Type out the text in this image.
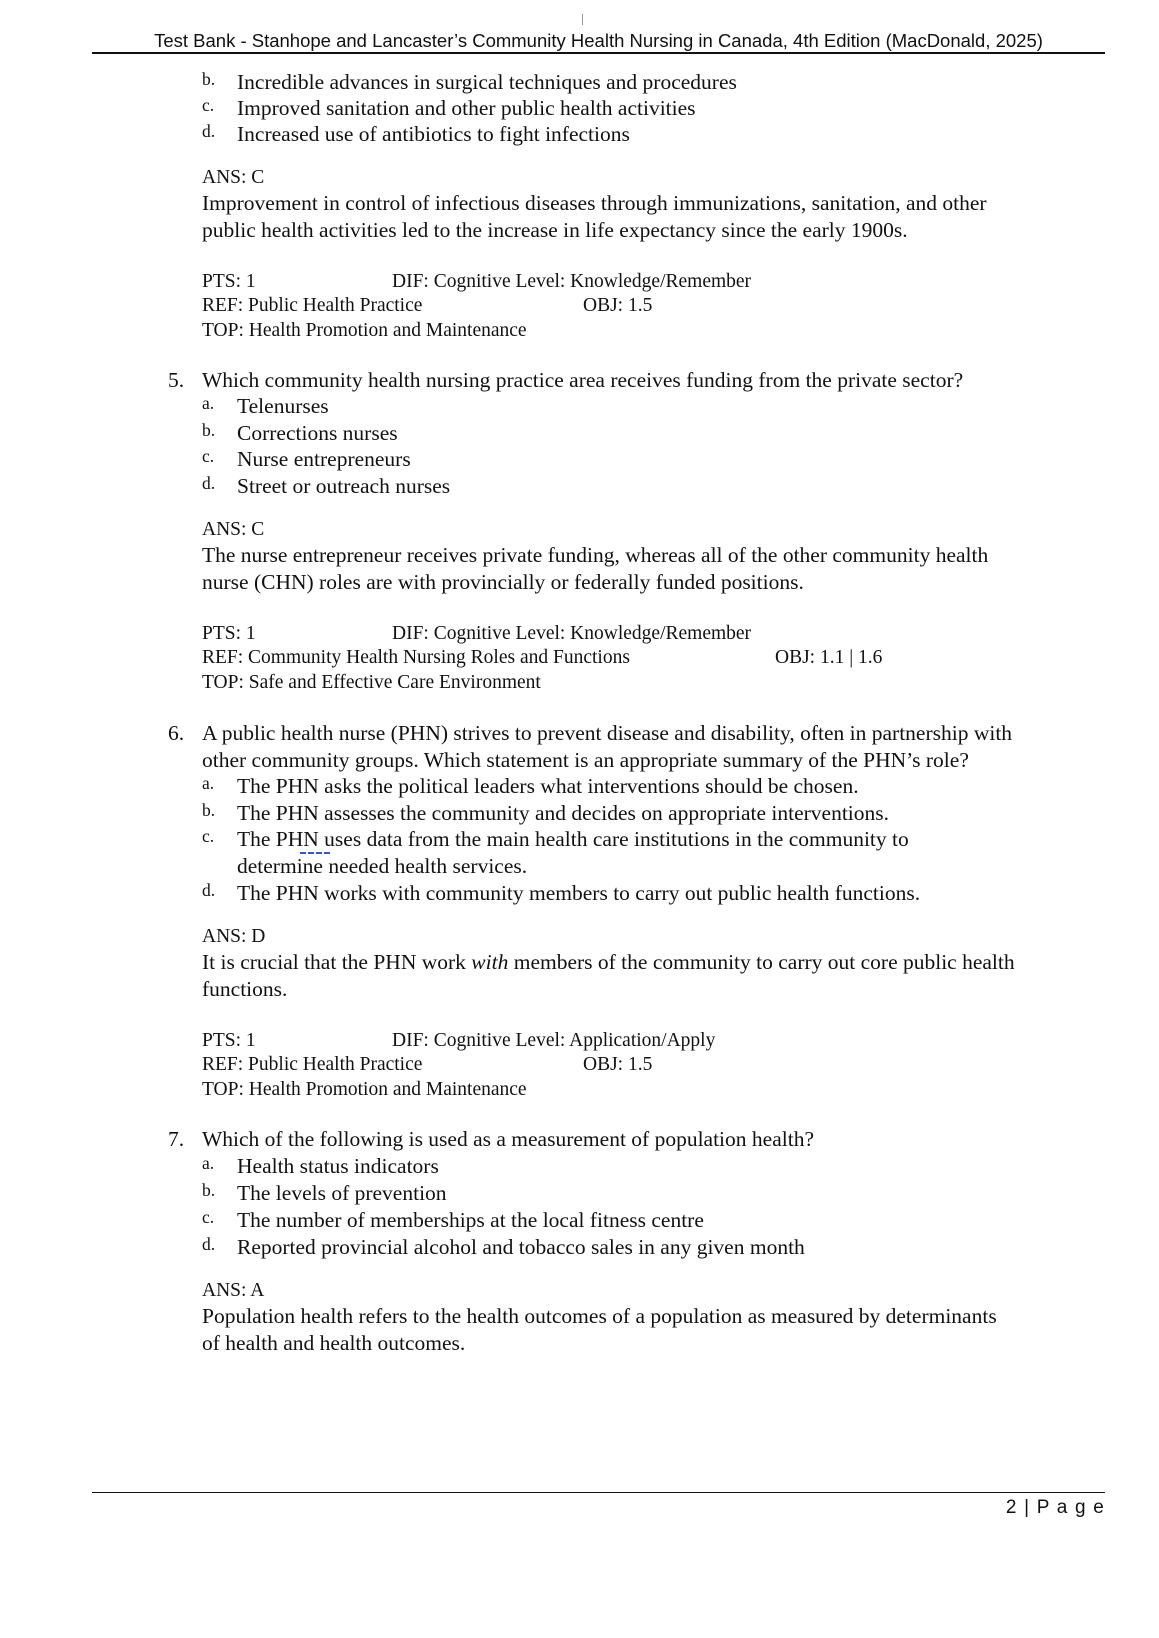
Test Bank - Stanhope and Lancaster’s Community Health Nursing in Canada, 4th Edition (MacDonald, 2025)
b. Incredible advances in surgical techniques and procedures
c. Improved sanitation and other public health activities
d. Increased use of antibiotics to fight infections
ANS: C
Improvement in control of infectious diseases through immunizations, sanitation, and other
public health activities led to the increase in life expectancy since the early 1900s.
PTS: 1	DIF: Cognitive Level: Knowledge/Remember
REF: Public Health Practice	OBJ: 1.5
TOP: Health Promotion and Maintenance
5. Which community health nursing practice area receives funding from the private sector?
a. Telenurses
b. Corrections nurses
c. Nurse entrepreneurs
d. Street or outreach nurses
ANS: C
The nurse entrepreneur receives private funding, whereas all of the other community health
nurse (CHN) roles are with provincially or federally funded positions.
PTS: 1	DIF: Cognitive Level: Knowledge/Remember
REF: Community Health Nursing Roles and Functions	OBJ: 1.1 | 1.6
TOP: Safe and Effective Care Environment
6. A public health nurse (PHN) strives to prevent disease and disability, often in partnership with
other community groups. Which statement is an appropriate summary of the PHN’s role?
a. The PHN asks the political leaders what interventions should be chosen.
b. The PHN assesses the community and decides on appropriate interventions.
c. The PHN uses data from the main health care institutions in the community to
determine needed health services.
d. The PHN works with community members to carry out public health functions.
ANS: D
It is crucial that the PHN work with members of the community to carry out core public health
functions.
PTS: 1	DIF: Cognitive Level: Application/Apply
REF: Public Health Practice	OBJ: 1.5
TOP: Health Promotion and Maintenance
7. Which of the following is used as a measurement of population health?
a. Health status indicators
b. The levels of prevention
c. The number of memberships at the local fitness centre
d. Reported provincial alcohol and tobacco sales in any given month
ANS: A
Population health refers to the health outcomes of a population as measured by determinants
of health and health outcomes.
2 | P a g e
